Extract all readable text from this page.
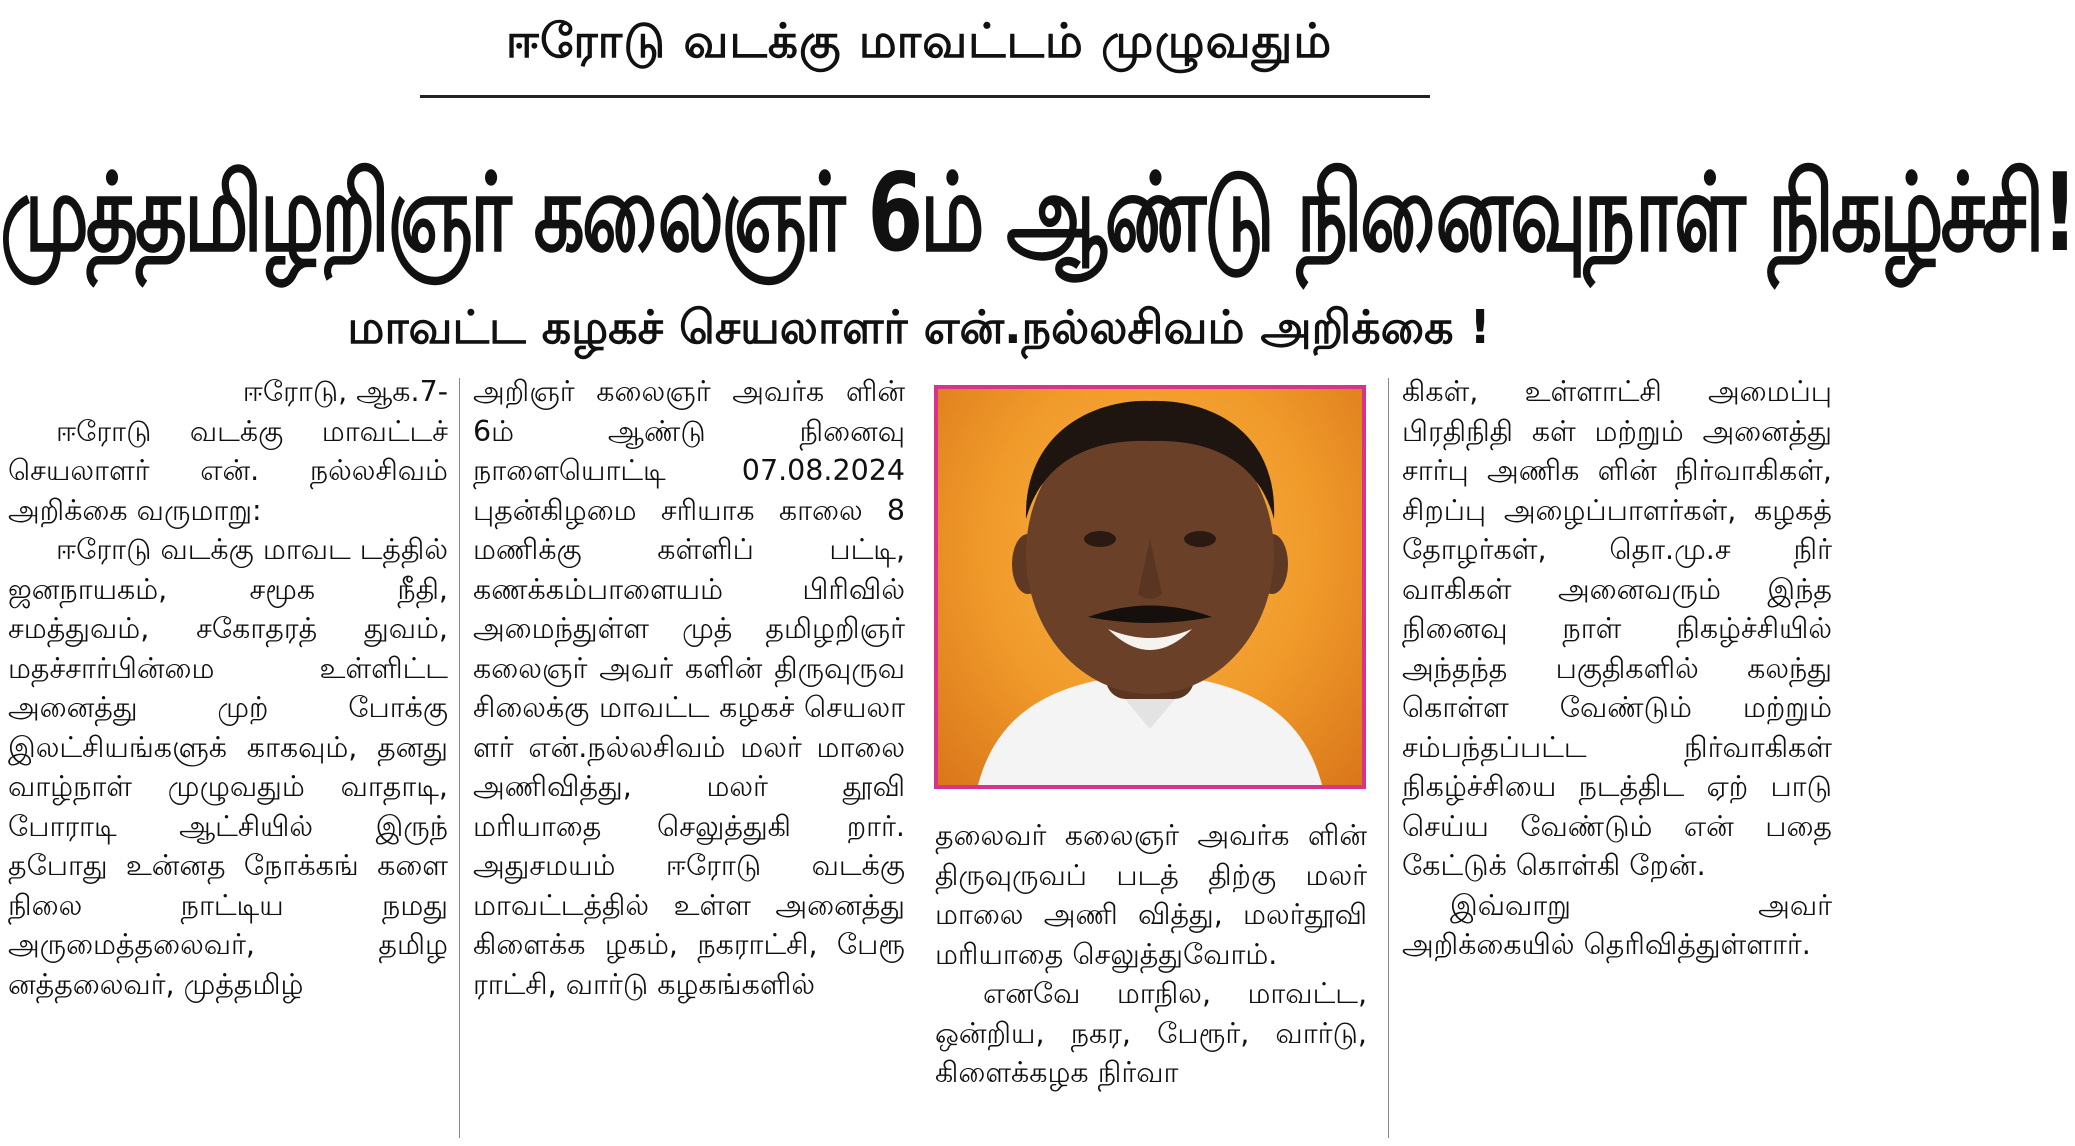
ஈரோடு வடக்கு மாவட்டம் முழுவதும்
முத்தமிழறிஞர் கலைஞர் 6ம் ஆண்டு நினைவுநாள் நிகழ்ச்சி!
மாவட்ட கழகச் செயலாளர் என்.நல்லசிவம் அறிக்கை !

ஈரோடு, ஆக.7-

ஈரோடு வடக்கு மாவட்டச் செயலாளர் என். நல்லசிவம் அறிக்கை வருமாறு:

ஈரோடு வடக்கு மாவட டத்தில் ஜனநாயகம், சமூக நீதி, சமத்துவம், சகோதரத் துவம், மதச்சார்பின்மை உள்ளிட்ட அனைத்து முற் போக்கு இலட்சியங்களுக் காகவும், தனது வாழ்நாள் முழுவதும் வாதாடி, போராடி ஆட்சியில் இருந் தபோது உன்னத நோக்கங் களை நிலை நாட்டிய நமது அருமைத்தலைவர், தமிழ னத்தலைவர், முத்தமிழ்

அறிஞர் கலைஞர் அவர்க ளின் 6ம் ஆண்டு நினைவு நாளையொட்டி 07.08.2024 புதன்கிழமை சரியாக காலை 8 மணிக்கு கள்ளிப் பட்டி, கணக்கம்பாளையம் பிரிவில் அமைந்துள்ள முத் தமிழறிஞர் கலைஞர் அவர் களின் திருவுருவ சிலைக்கு மாவட்ட கழகச் செயலா ளர் என்.நல்லசிவம் மலர் மாலை அணிவித்து, மலர் தூவி மரியாதை செலுத்துகி றார். அதுசமயம் ஈரோடு வடக்கு மாவட்டத்தில் உள்ள அனைத்து கிளைக்க ழகம், நகராட்சி, பேரூ ராட்சி, வார்டு கழகங்களில்

தலைவர் கலைஞர் அவர்க ளின் திருவுருவப் படத் திற்கு மலர் மாலை அணி வித்து, மலர்தூவி மரியாதை செலுத்துவோம்.

எனவே மாநில, மாவட்ட, ஒன்றிய, நகர, பேரூர், வார்டு, கிளைக்கழக நிர்வா

கிகள், உள்ளாட்சி அமைப்பு பிரதிநிதி கள் மற்றும் அனைத்து சார்பு அணிக ளின் நிர்வாகிகள், சிறப்பு அழைப்பாளர்கள், கழகத் தோழர்கள், தொ.மு.ச நிர் வாகிகள் அனைவரும் இந்த நினைவு நாள் நிகழ்ச்சியில் அந்தந்த பகுதிகளில் கலந்து கொள்ள வேண்டும் மற்றும் சம்பந்தப்பட்ட நிர்வாகிகள் நிகழ்ச்சியை நடத்திட ஏற் பாடு செய்ய வேண்டும் என் பதை கேட்டுக் கொள்கி றேன்.

இவ்வாறு அவர் அறிக்கையில் தெரிவித்துள்ளார்.
